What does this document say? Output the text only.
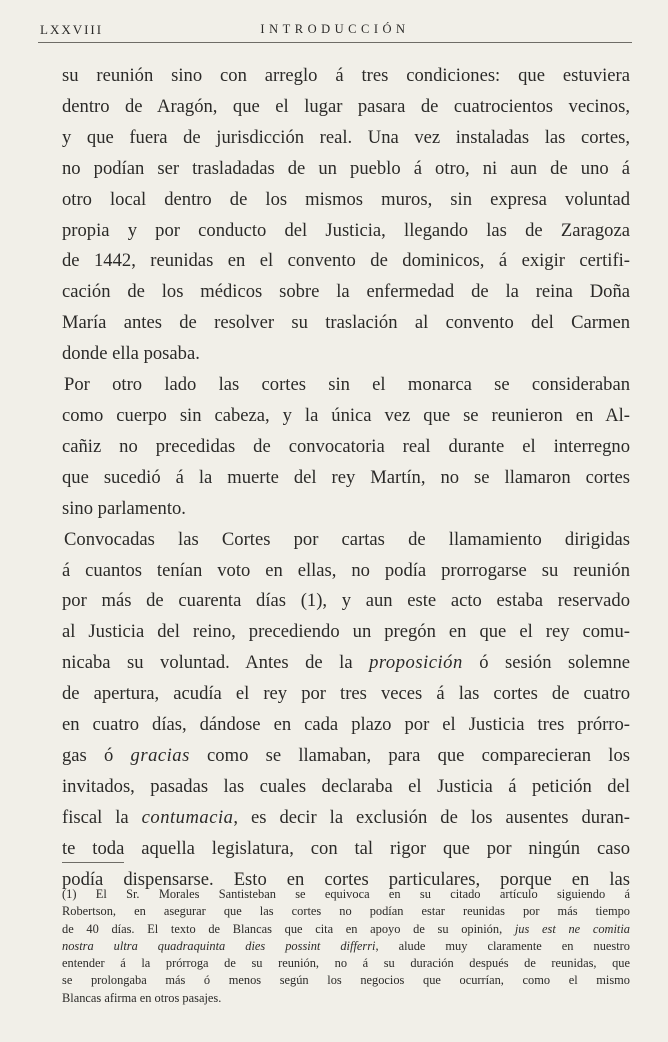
LXXVIII	INTRODUCCIÓN

su reunión sino con arreglo á tres condiciones: que estuviera
dentro de Aragón, que el lugar pasara de cuatrocientos vecinos,
y que fuera de jurisdicción real. Una vez instaladas las cortes,
no podían ser trasladadas de un pueblo á otro, ni aun de uno á
otro local dentro de los mismos muros, sin expresa voluntad
propia y por conducto del Justicia, llegando las de Zaragoza
de 1442, reunidas en el convento de dominicos, á exigir certifi-
cación de los médicos sobre la enfermedad de la reina Doña
María antes de resolver su traslación al convento del Carmen
donde ella posaba.

Por otro lado las cortes sin el monarca se consideraban
como cuerpo sin cabeza, y la única vez que se reunieron en Al-
cañiz no precedidas de convocatoria real durante el interregno
que sucedió á la muerte del rey Martín, no se llamaron cortes
sino parlamento.

Convocadas las Cortes por cartas de llamamiento dirigidas
á cuantos tenían voto en ellas, no podía prorrogarse su reunión
por más de cuarenta días (1), y aun este acto estaba reservado
al Justicia del reino, precediendo un pregón en que el rey comu-
nicaba su voluntad. Antes de la proposición ó sesión solemne
de apertura, acudía el rey por tres veces á las cortes de cuatro
en cuatro días, dándose en cada plazo por el Justicia tres prórro-
gas ó gracias como se llamaban, para que comparecieran los
invitados, pasadas las cuales declaraba el Justicia á petición del
fiscal la contumacia, es decir la exclusión de los ausentes duran-
te toda aquella legislatura, con tal rigor que por ningún caso
podía dispensarse. Esto en cortes particulares, porque en las

(1) El Sr. Morales Santisteban se equivoca en su citado artículo siguiendo á
Robertson, en asegurar que las cortes no podían estar reunidas por más tiempo
de 40 días. El texto de Blancas que cita en apoyo de su opinión, jus est ne comitia
nostra ultra quadraquinta dies possint differri, alude muy claramente en nuestro
entender á la prórroga de su reunión, no á su duración después de reunidas, que
se prolongaba más ó menos según los negocios que ocurrían, como el mismo
Blancas afirma en otros pasajes.
